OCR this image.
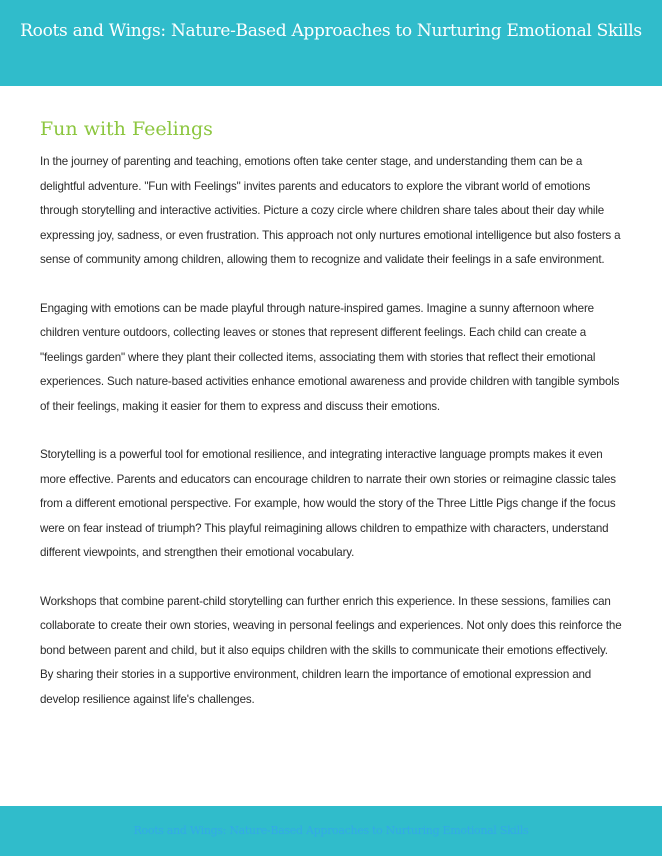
Roots and Wings: Nature-Based Approaches to Nurturing Emotional Skills
Fun with Feelings

In the journey of parenting and teaching, emotions often take center stage, and understanding them can be a delightful adventure. "Fun with Feelings" invites parents and educators to explore the vibrant world of emotions through storytelling and interactive activities. Picture a cozy circle where children share tales about their day while expressing joy, sadness, or even frustration. This approach not only nurtures emotional intelligence but also fosters a sense of community among children, allowing them to recognize and validate their feelings in a safe environment.

Engaging with emotions can be made playful through nature-inspired games. Imagine a sunny afternoon where children venture outdoors, collecting leaves or stones that represent different feelings. Each child can create a "feelings garden" where they plant their collected items, associating them with stories that reflect their emotional experiences. Such nature-based activities enhance emotional awareness and provide children with tangible symbols of their feelings, making it easier for them to express and discuss their emotions.

Storytelling is a powerful tool for emotional resilience, and integrating interactive language prompts makes it even more effective. Parents and educators can encourage children to narrate their own stories or reimagine classic tales from a different emotional perspective. For example, how would the story of the Three Little Pigs change if the focus were on fear instead of triumph? This playful reimagining allows children to empathize with characters, understand different viewpoints, and strengthen their emotional vocabulary.

Workshops that combine parent-child storytelling can further enrich this experience. In these sessions, families can collaborate to create their own stories, weaving in personal feelings and experiences. Not only does this reinforce the bond between parent and child, but it also equips children with the skills to communicate their emotions effectively. By sharing their stories in a supportive environment, children learn the importance of emotional expression and develop resilience against life's challenges.

Roots and Wings: Nature-Based Approaches to Nurturing Emotional Skills
